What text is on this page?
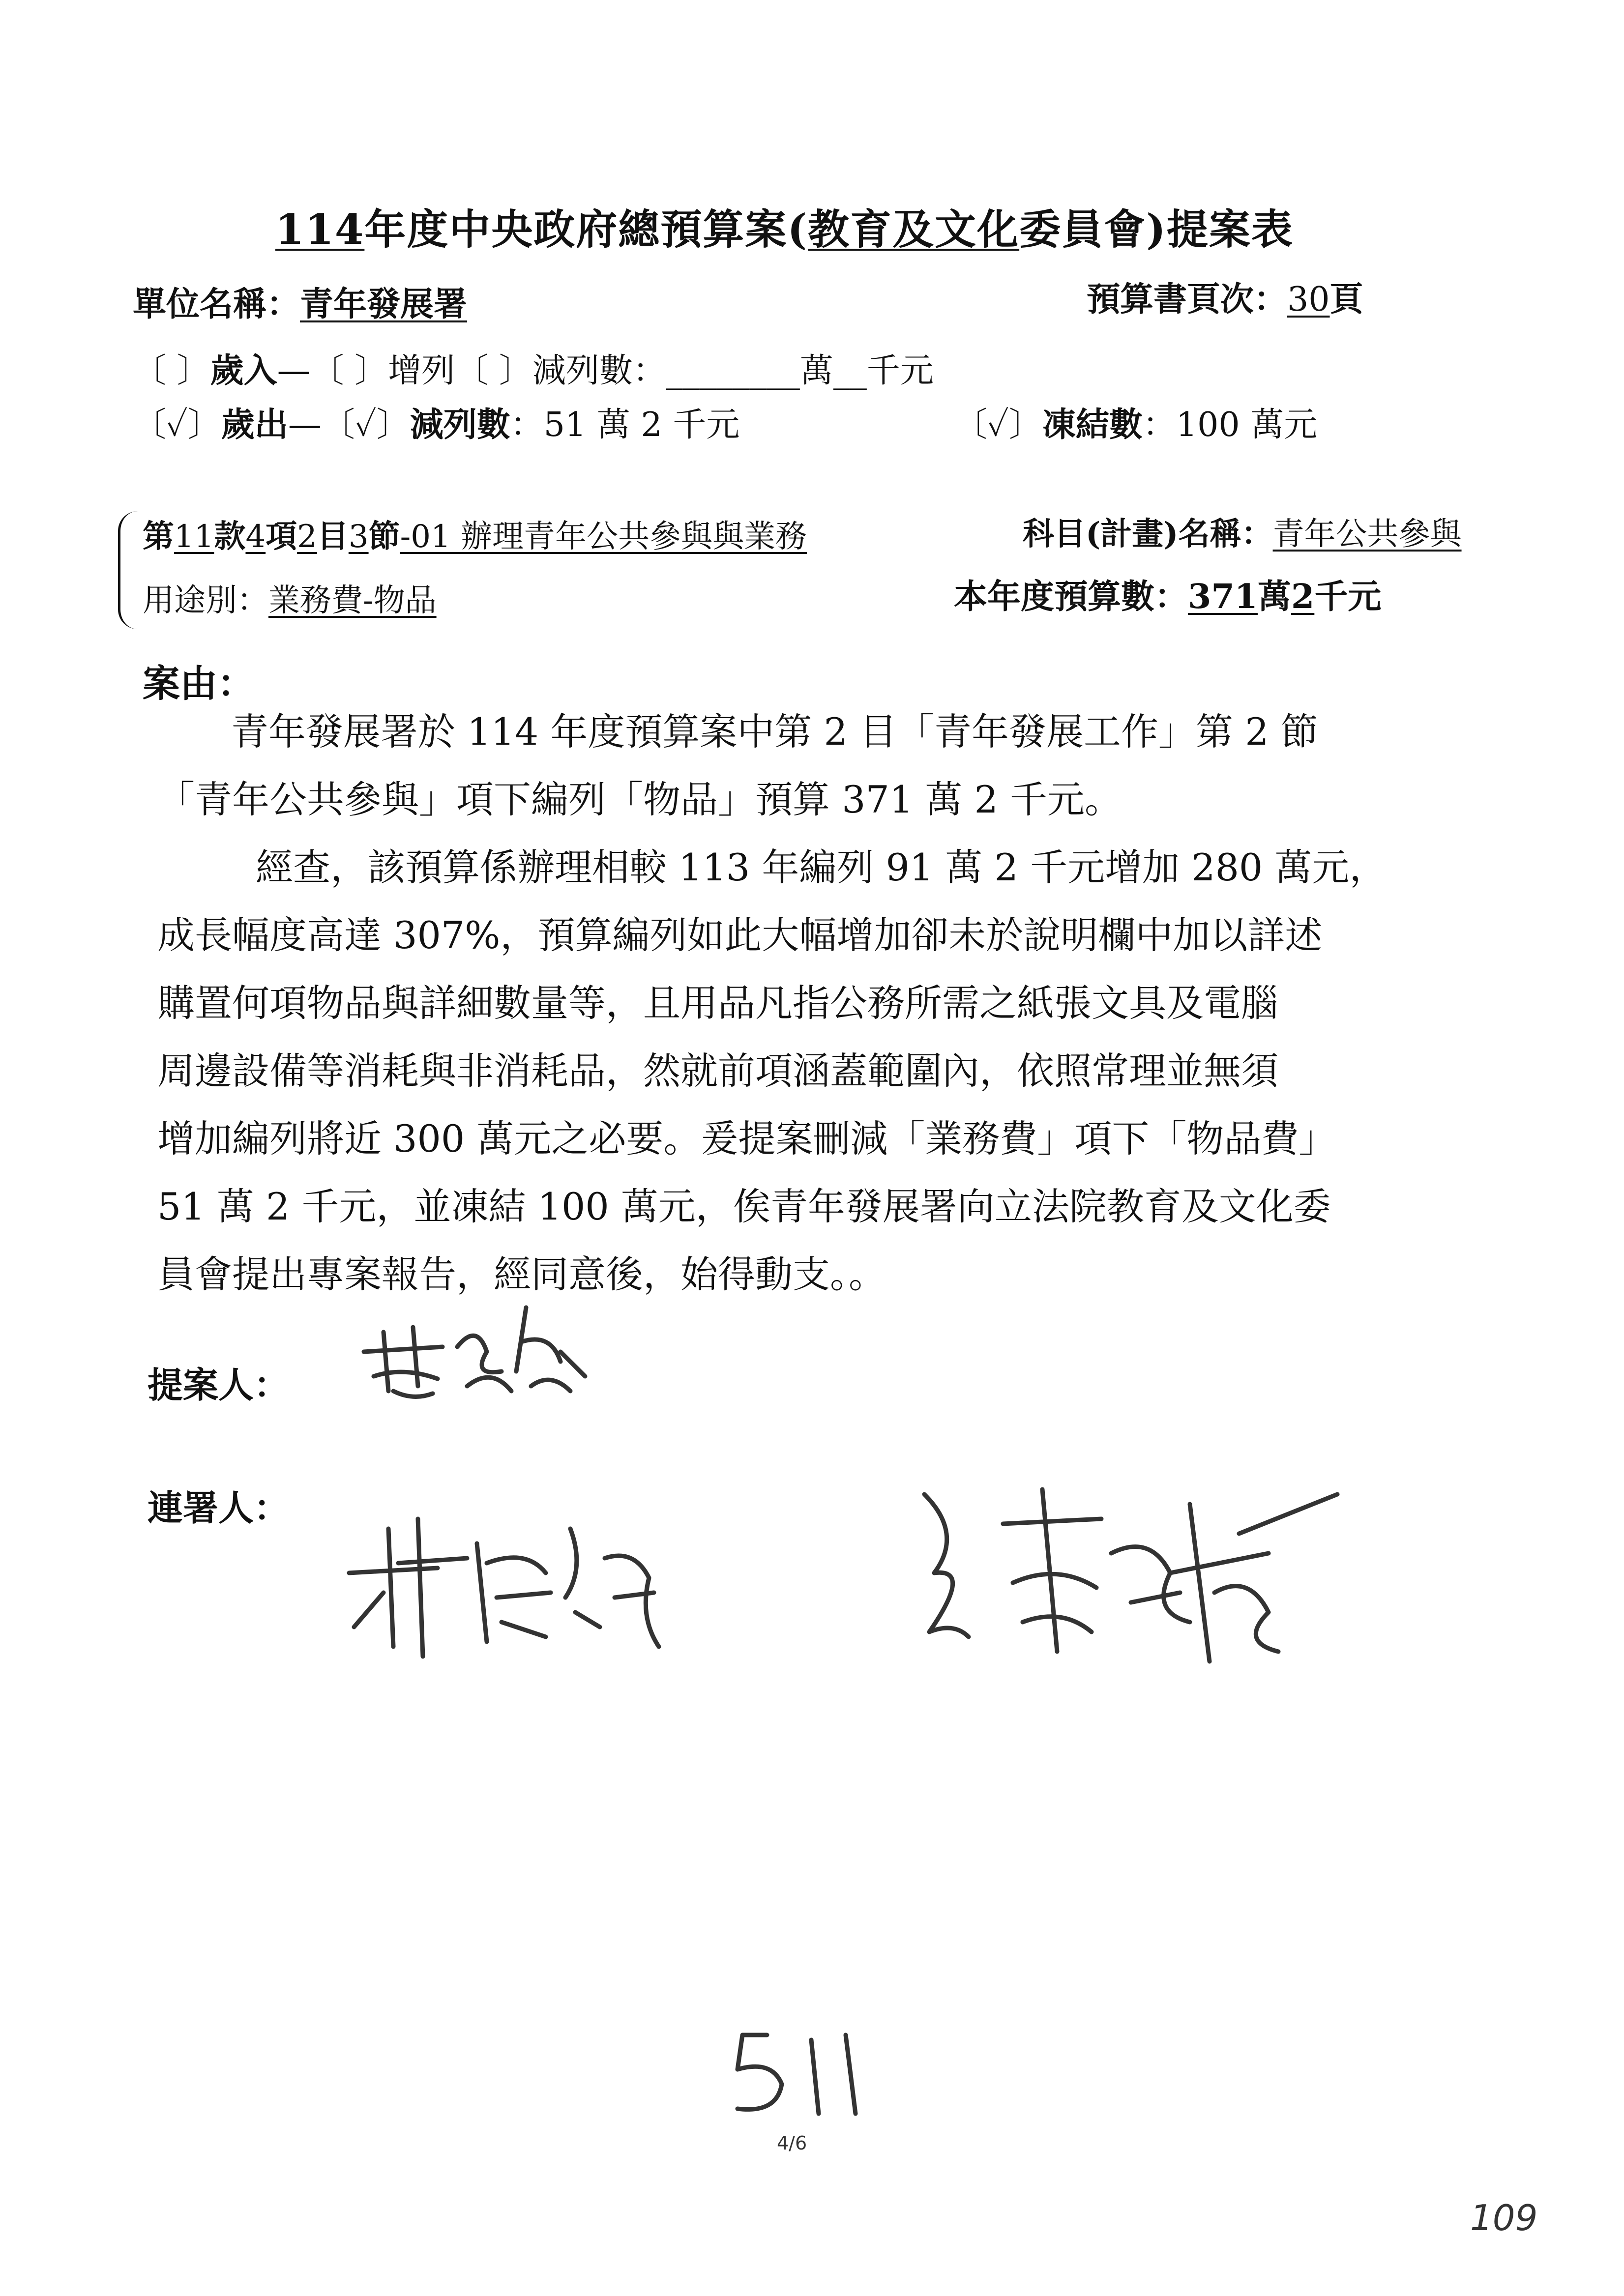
114年度中央政府總預算案(教育及文化委員會)提案表
單位名稱：青年發展署	預算書頁次：30頁
〔 〕歲入—〔 〕增列〔 〕減列數：________萬__千元
〔✓〕歲出—〔✓〕減列數：51 萬 2 千元	〔✓〕凍結數：100 萬元
第11款4項2目3節-01 辦理青年公共參與與業務	科目(計畫)名稱：青年公共參與
用途別：業務費-物品	本年度預算數：371萬2千元
案由：
青年發展署於 114 年度預算案中第 2 目「青年發展工作」第 2 節
「青年公共參與」項下編列「物品」預算 371 萬 2 千元。
經查，該預算係辦理相較 113 年編列 91 萬 2 千元增加 280 萬元，
成長幅度高達 307%，預算編列如此大幅增加卻未於說明欄中加以詳述
購置何項物品與詳細數量等，且用品凡指公務所需之紙張文具及電腦
周邊設備等消耗與非消耗品，然就前項涵蓋範圍內，依照常理並無須
增加編列將近 300 萬元之必要。爰提案刪減「業務費」項下「物品費」
51 萬 2 千元，並凍結 100 萬元，俟青年發展署向立法院教育及文化委
員會提出專案報告，經同意後，始得動支。。
提案人：
連署人：
4/6
109
